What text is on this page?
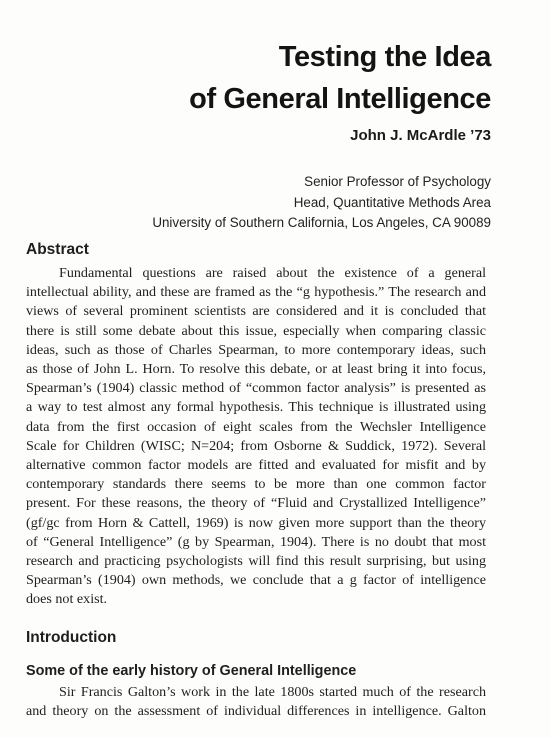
Testing the Idea
of General Intelligence

John J. McArdle ’73

Senior Professor of Psychology
Head, Quantitative Methods Area
University of Southern California, Los Angeles, CA 90089
Abstract
Fundamental questions are raised about the existence of a general
intellectual ability, and these are framed as the “g hypothesis.” The research and
views of several prominent scientists are considered and it is concluded that
there is still some debate about this issue, especially when comparing classic
ideas, such as those of Charles Spearman, to more contemporary ideas, such
as those of John L. Horn. To resolve this debate, or at least bring it into focus,
Spearman’s (1904) classic method of “common factor analysis” is presented as
a way to test almost any formal hypothesis. This technique is illustrated using
data from the first occasion of eight scales from the Wechsler Intelligence
Scale for Children (WISC; N=204; from Osborne & Suddick, 1972). Several
alternative common factor models are fitted and evaluated for misfit and by
contemporary standards there seems to be more than one common factor
present. For these reasons, the theory of “Fluid and Crystallized Intelligence”
(gf/gc from Horn & Cattell, 1969) is now given more support than the theory
of “General Intelligence” (g by Spearman, 1904). There is no doubt that most
research and practicing psychologists will find this result surprising, but using
Spearman’s (1904) own methods, we conclude that a g factor of intelligence
does not exist.
Introduction
Some of the early history of General Intelligence
Sir Francis Galton’s work in the late 1800s started much of the research
and theory on the assessment of individual differences in intelligence. Galton
